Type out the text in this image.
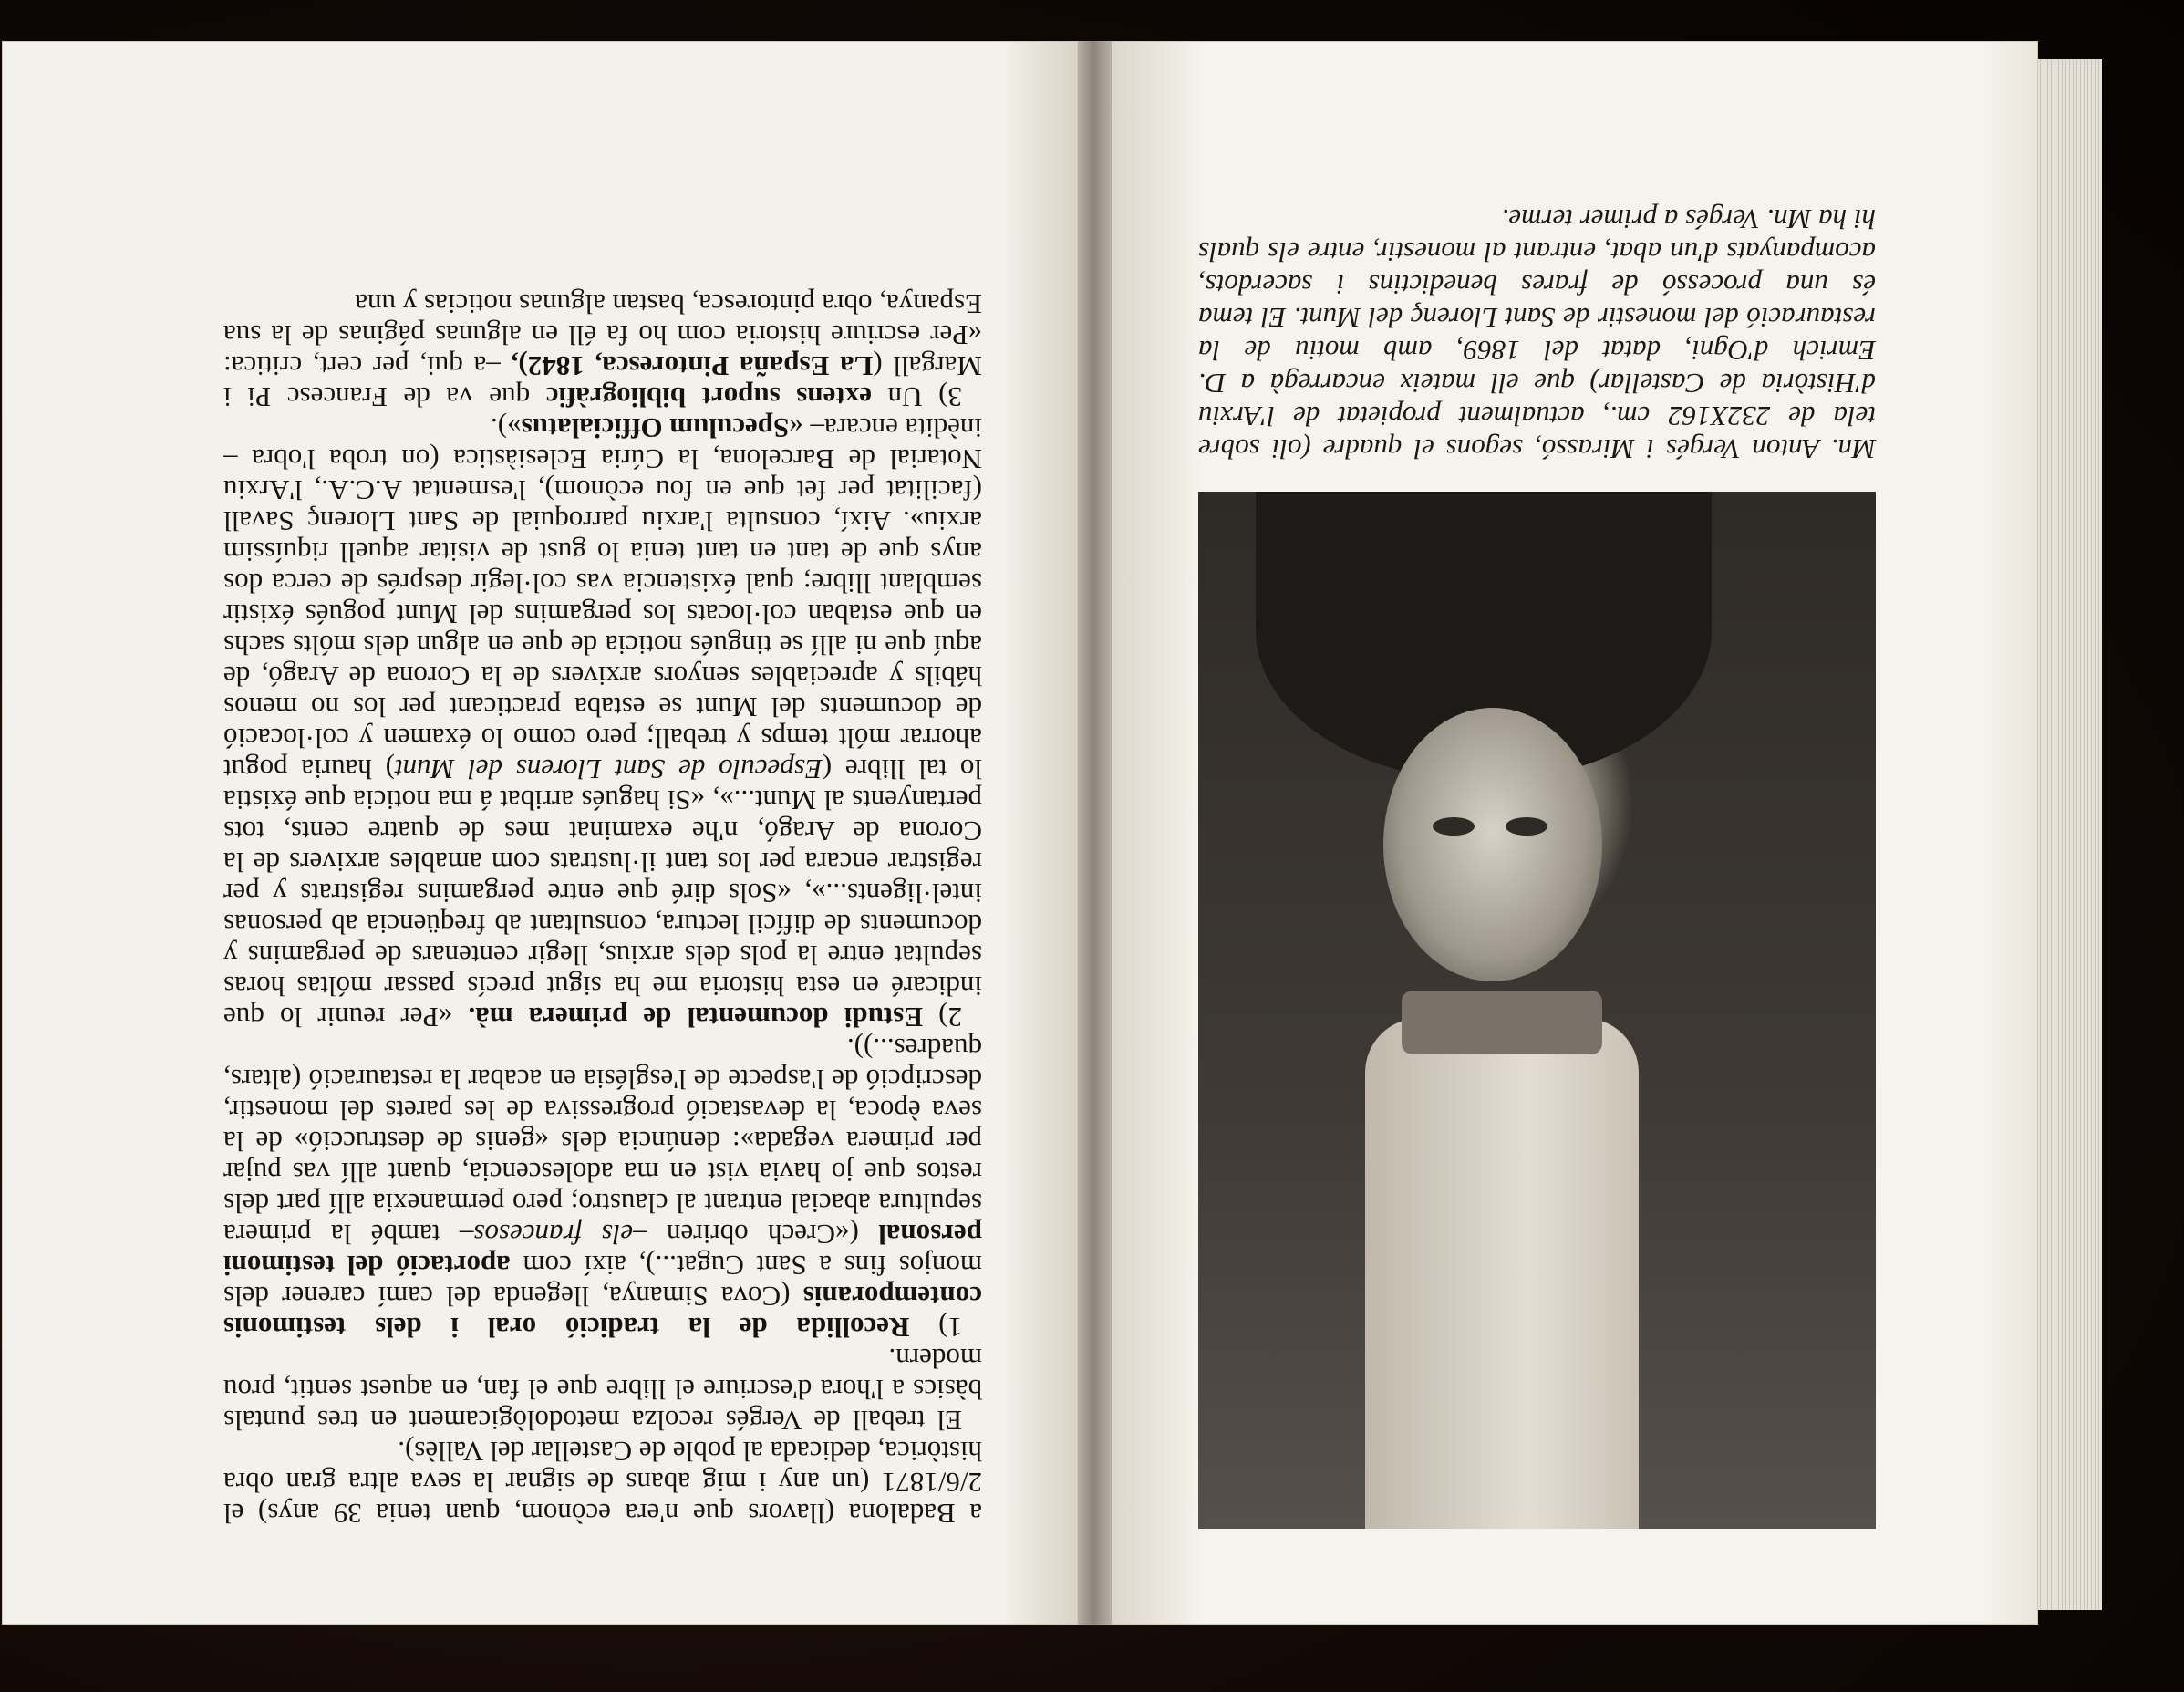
Mn. Anton Vergés i Mirassó, segons el quadre (oli sobre tela de 232X162 cm., actualment propietat de l'Arxiu d'Història de Castellar) que ell mateix encarregà a D. Emrich d'Ogni, datat del 1869, amb motiu de la restauració del monestir de Sant Llorenç del Munt. El tema és una processó de frares benedictins i sacerdots, acompanyats d'un abat, entrant al monestir, entre els quals hi ha Mn. Vergés a primer terme.

a Badalona (llavors que n'era ecònom, quan tenia 39 anys) el 2/6/1871 (un any i mig abans de signar la seva altra gran obra històrica, dedicada al poble de Castellar del Vallès).

El treball de Vergés recolza metodològicament en tres puntals bàsics a l'hora d'escriure el llibre que el fan, en aquest sentit, prou modern.

1) Recollida de la tradició oral i dels testimonis contemporanis (Cova Simanya, llegenda del camí carener dels monjos fins a Sant Cugat...), així com aportació del testimoni personal («Crech obriren –els francesos– també la primera sepultura abacial entrant al claustro; pero permanexia allí part dels restos que jo havia vist en ma adolescencia, quant allí vas pujar per primera vegada»: denúncia dels «genis de destrucció» de la seva època, la devastació progressiva de les parets del monestir, descripció de l'aspecte de l'església en acabar la restauració (altars, quadres...)).

2) Estudi documental de primera mà. «Per reunir lo que indicaré en esta historia me ha sigut precís passar móltas horas sepultat entre la pols dels arxius, llegir centenars de pergamins y documents de difícil lectura, consultant ab freqüencia ab personas intel·ligents...», «Sols diré que entre pergamins registrats y per registrar encara per los tant il·lustrats com amables arxivers de la Corona de Aragó, n'he examinat mes de quatre cents, tots pertanyents al Munt...», «Si hagués arribat á ma noticia que éxistia lo tal llibre (Especulo de Sant Llorens del Munt) hauria pogut ahorrar mólt temps y treball; pero como lo éxamen y col·locació de documents del Munt se estaba practicant per los no menos hábils y apreciables senyors arxivers de la Corona de Aragó, de aquí que ni allí se tingués noticia de que en algun dels mólts sachs en que estaban col·locats los pergamins del Munt pogués éxistir semblant llibre; qual éxistencia vas col·legir després de cerca dos anys que de tant en tant tenia lo gust de visitar aquell riquíssim arxiu». Així, consulta l'arxiu parroquial de Sant Llorenç Savall (facilitat per fet que en fou ecònom), l'esmentat A.C.A., l'Arxiu Notarial de Barcelona, la Cúria Eclesiàstica (on troba l'obra –inèdita encara– «Speculum Officialatus»).

3) Un extens suport bibliogràfic que va de Francesc Pi i Margall (La España Pintoresca, 1842), –a qui, per cert, critica: «Per escriure historia com ho fa éll en algunas páginas de la sua Espanya, obra pintoresca, bastan algunas noticias y una
